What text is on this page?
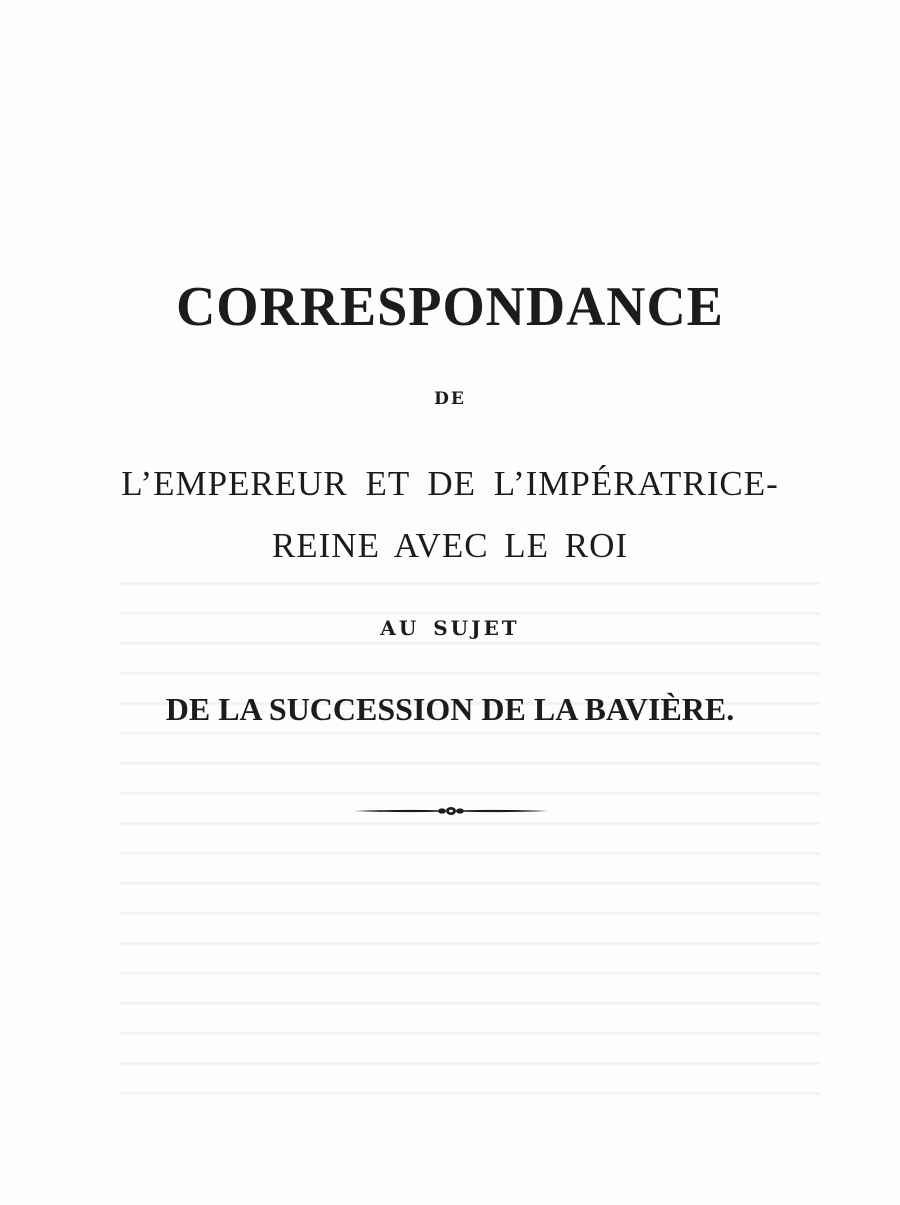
CORRESPONDANCE

DE

L’EMPEREUR ET DE L’IMPÉRATRICE-

REINE AVEC LE ROI

AU SUJET

DE LA SUCCESSION DE LA BAVIÈRE.
